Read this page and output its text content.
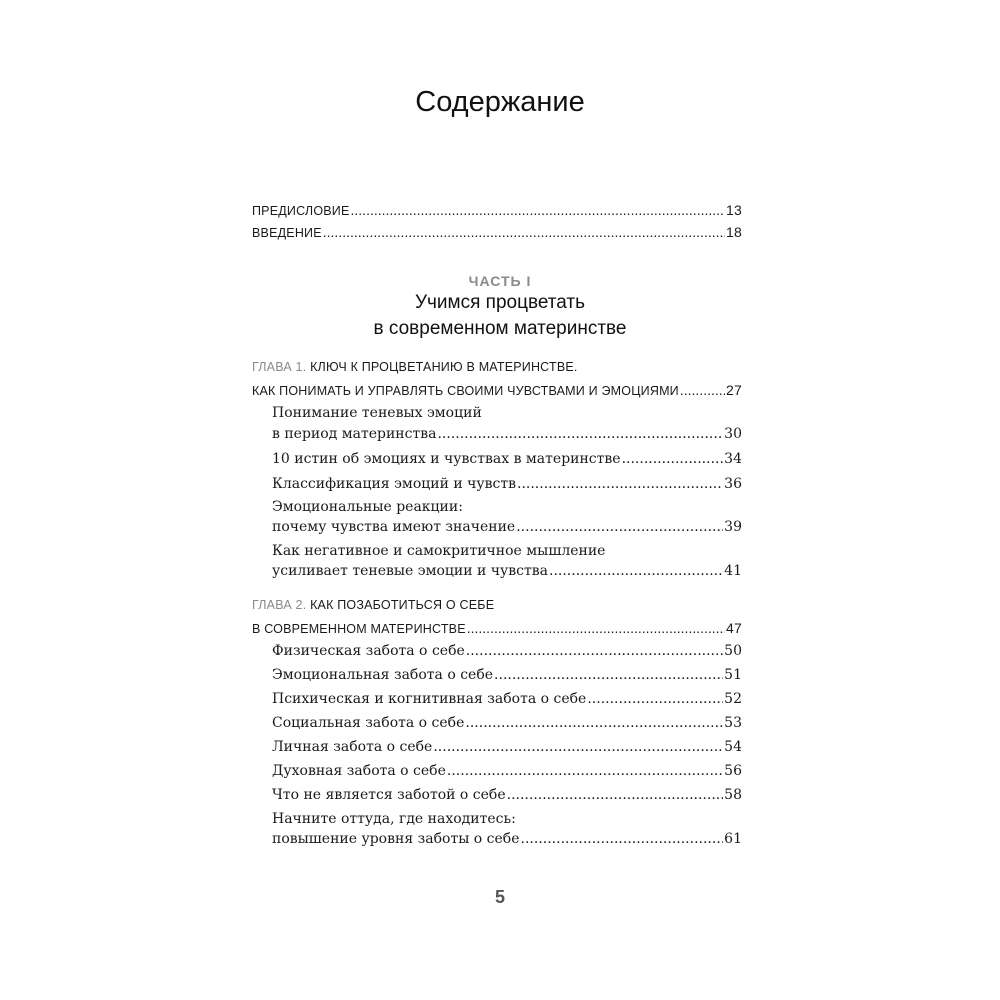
Содержание
ПРЕДИСЛОВИЕ .....	13
ВВЕДЕНИЕ .....	18
ГЛАВА 1. КЛЮЧ К ПРОЦВЕТАНИЮ В МАТЕРИНСТВЕ.
КАК ПОНИМАТЬ И УПРАВЛЯТЬ СВОИМИ ЧУВСТВАМИ И ЭМОЦИЯМИ .....	27
Понимание теневых эмоций
в период материнства .....	30
10 истин об эмоциях и чувствах в материнстве .....	34
Классификация эмоций и чувств .....	36
Эмоциональные реакции:
почему чувства имеют значение .....	39
Как негативное и самокритичное мышление
усиливает теневые эмоции и чувства .....	41
ГЛАВА 2. КАК ПОЗАБОТИТЬСЯ О СЕБЕ
В СОВРЕМЕННОМ МАТЕРИНСТВЕ .....	47
Физическая забота о себе .....	50
Эмоциональная забота о себе .....	51
Психическая и когнитивная забота о себе .....	52
Социальная забота о себе .....	53
Личная забота о себе .....	54
Духовная забота о себе .....	56
Что не является заботой о себе .....	58
Начните оттуда, где находитесь:
повышение уровня заботы о себе .....	61
ЧАСТЬ I
Учимся процветать
в современном материнстве
5
